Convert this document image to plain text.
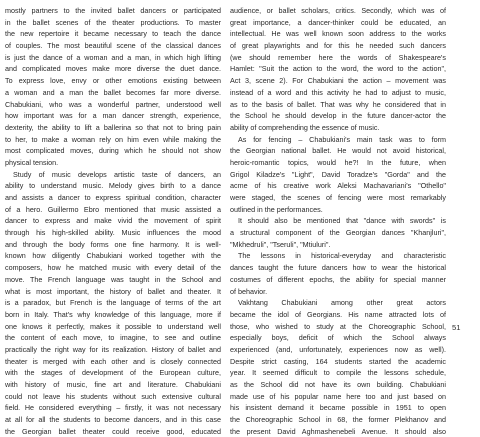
mostly partners to the invited ballet dancers or participated
in the ballet scenes of the theater productions. To master
the new repertoire it became necessary to teach the dance
of couples. The most beautiful scene of the classical dances
is just the dance of a woman and a man, in which high lifting
and complicated moves make more diverse the duet dance.
To express love, envy or other emotions existing between
a woman and a man the ballet becomes far more diverse.
Chabukiani, who was a wonderful partner, understood well
how important was for a man dancer strength, experience,
dexterity, the ability to lift a ballerina so that not to bring pain
to her, to make a woman rely on him even while making the
most complicated moves, during which he should not show
physical tension.
Study of music develops artistic taste of dancers, an
ability to understand music. Melody gives birth to a dance
and assists a dancer to express spiritual condition, character
of a hero. Guillermo Ebro mentioned that music assisted a
dancer to express and make vivid the movement of spirit
through his high-skilled ability. Music influences the mood
and through the body forms one fine harmony. It is well-
known how diligently Chabukiani worked together with the
composers, how he matched music with every detail of the
move. The French language was taught in the School and
what is most important, the history of ballet and theater. It
is a paradox, but French is the language of terms of the art
born in Italy. That's why knowledge of this language, more if
one knows it perfectly, makes it possible to understand well
the content of each move, to imagine, to see and outline
practically the right way for its realization. History of ballet and
theater is merged with each other and is closely connected
with the stages of development of the European culture,
with history of music, fine art and literature. Chabukiani
could not leave his students without such extensive cultural
field. He considered everything – firstly, it was not necessary
at all for all the students to become dancers, and in this case
the Georgian ballet theater could receive good, educated
audience, or ballet scholars, critics. Secondly, which was of
great importance, a dancer-thinker could be educated, an
intellectual. He was well known soon address to the works
of great playwrights and for this he needed such dancers
(we should remember here the words of Shakespeare's
Hamlet: "Suit the action to the word, the word to the action",
Act 3, scene 2). For Chabukiani the action – movement was
instead of a word and this activity he had to adjust to music,
as to the basis of ballet. That was why he considered that in
the School he should develop in the future dancer-actor the
ability of comprehending the essence of music.
As for fencing – Chabukiani's main task was to form
the Georgian national ballet. He would not avoid historical,
heroic-romantic topics, would he?! In the future, when
Grigol Kiladze's "Light", David Toradze's "Gorda" and the
acme of his creative work Aleksi Machavariani's "Othello"
were staged, the scenes of fencing were most remarkably
outlined in the performances.
It should also be mentioned that "dance with swords" is
a structural component of the Georgian dances "Khanjluri",
"Mkhedruli", "Tseruli", "Mtiuluri".
The lessons in historical-everyday and characteristic
dances taught the future dancers how to wear the historical
costumes of different epochs, the ability for special manner
of behavior.
Vakhtang Chabukiani among other great actors
became the idol of Georgians. His name attracted lots of
those, who wished to study at the Choreographic School,
especially boys, deficit of which the School always
experienced (and, unfortunately, experiences now as well).
Despite strict casting, 164 students started the academic
year. It seemed difficult to compile the lessons schedule,
as the School did not have its own building. Chabukiani
made use of his popular name here too and just based on
his insistent demand it became possible in 1951 to open
the Choreographic School in 68, the former Plekhanov and
the present David Aghmashenebeli Avenue. It should also
51
